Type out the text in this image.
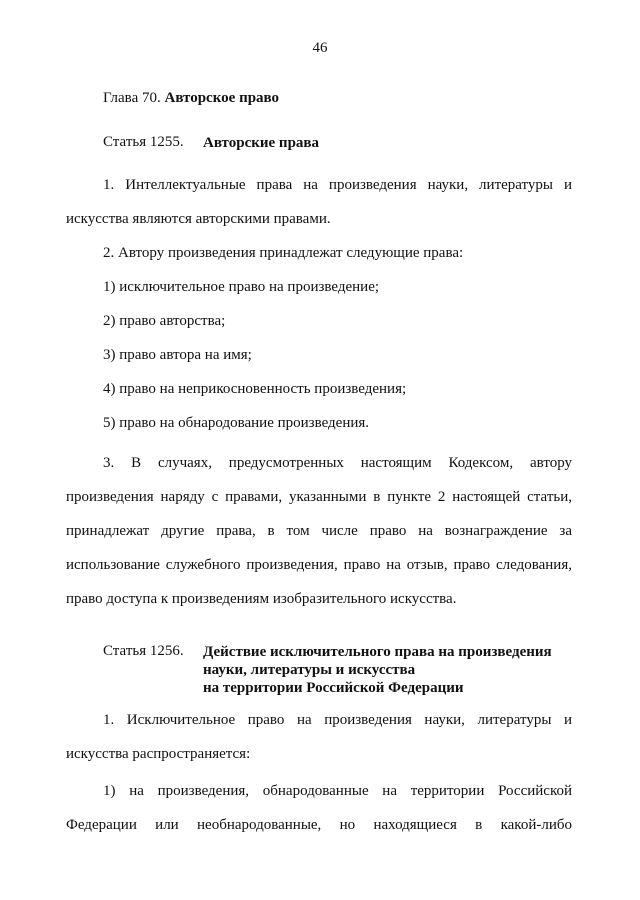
46
Глава 70. Авторское право
Статья 1255. Авторские права
1. Интеллектуальные права на произведения науки, литературы и
искусства являются авторскими правами.
2. Автору произведения принадлежат следующие права:
1) исключительное право на произведение;
2) право авторства;
3) право автора на имя;
4) право на неприкосновенность произведения;
5) право на обнародование произведения.
3. В случаях, предусмотренных настоящим Кодексом, автору
произведения наряду с правами, указанными в пункте 2 настоящей статьи,
принадлежат другие права, в том числе право на вознаграждение за
использование служебного произведения, право на отзыв, право следования,
право доступа к произведениям изобразительного искусства.
Статья 1256. Действие исключительного права на произведения
науки, литературы и искусства
на территории Российской Федерации
1. Исключительное право на произведения науки, литературы и
искусства распространяется:
1) на произведения, обнародованные на территории Российской
Федерации или необнародованные, но находящиеся в какой-либо
